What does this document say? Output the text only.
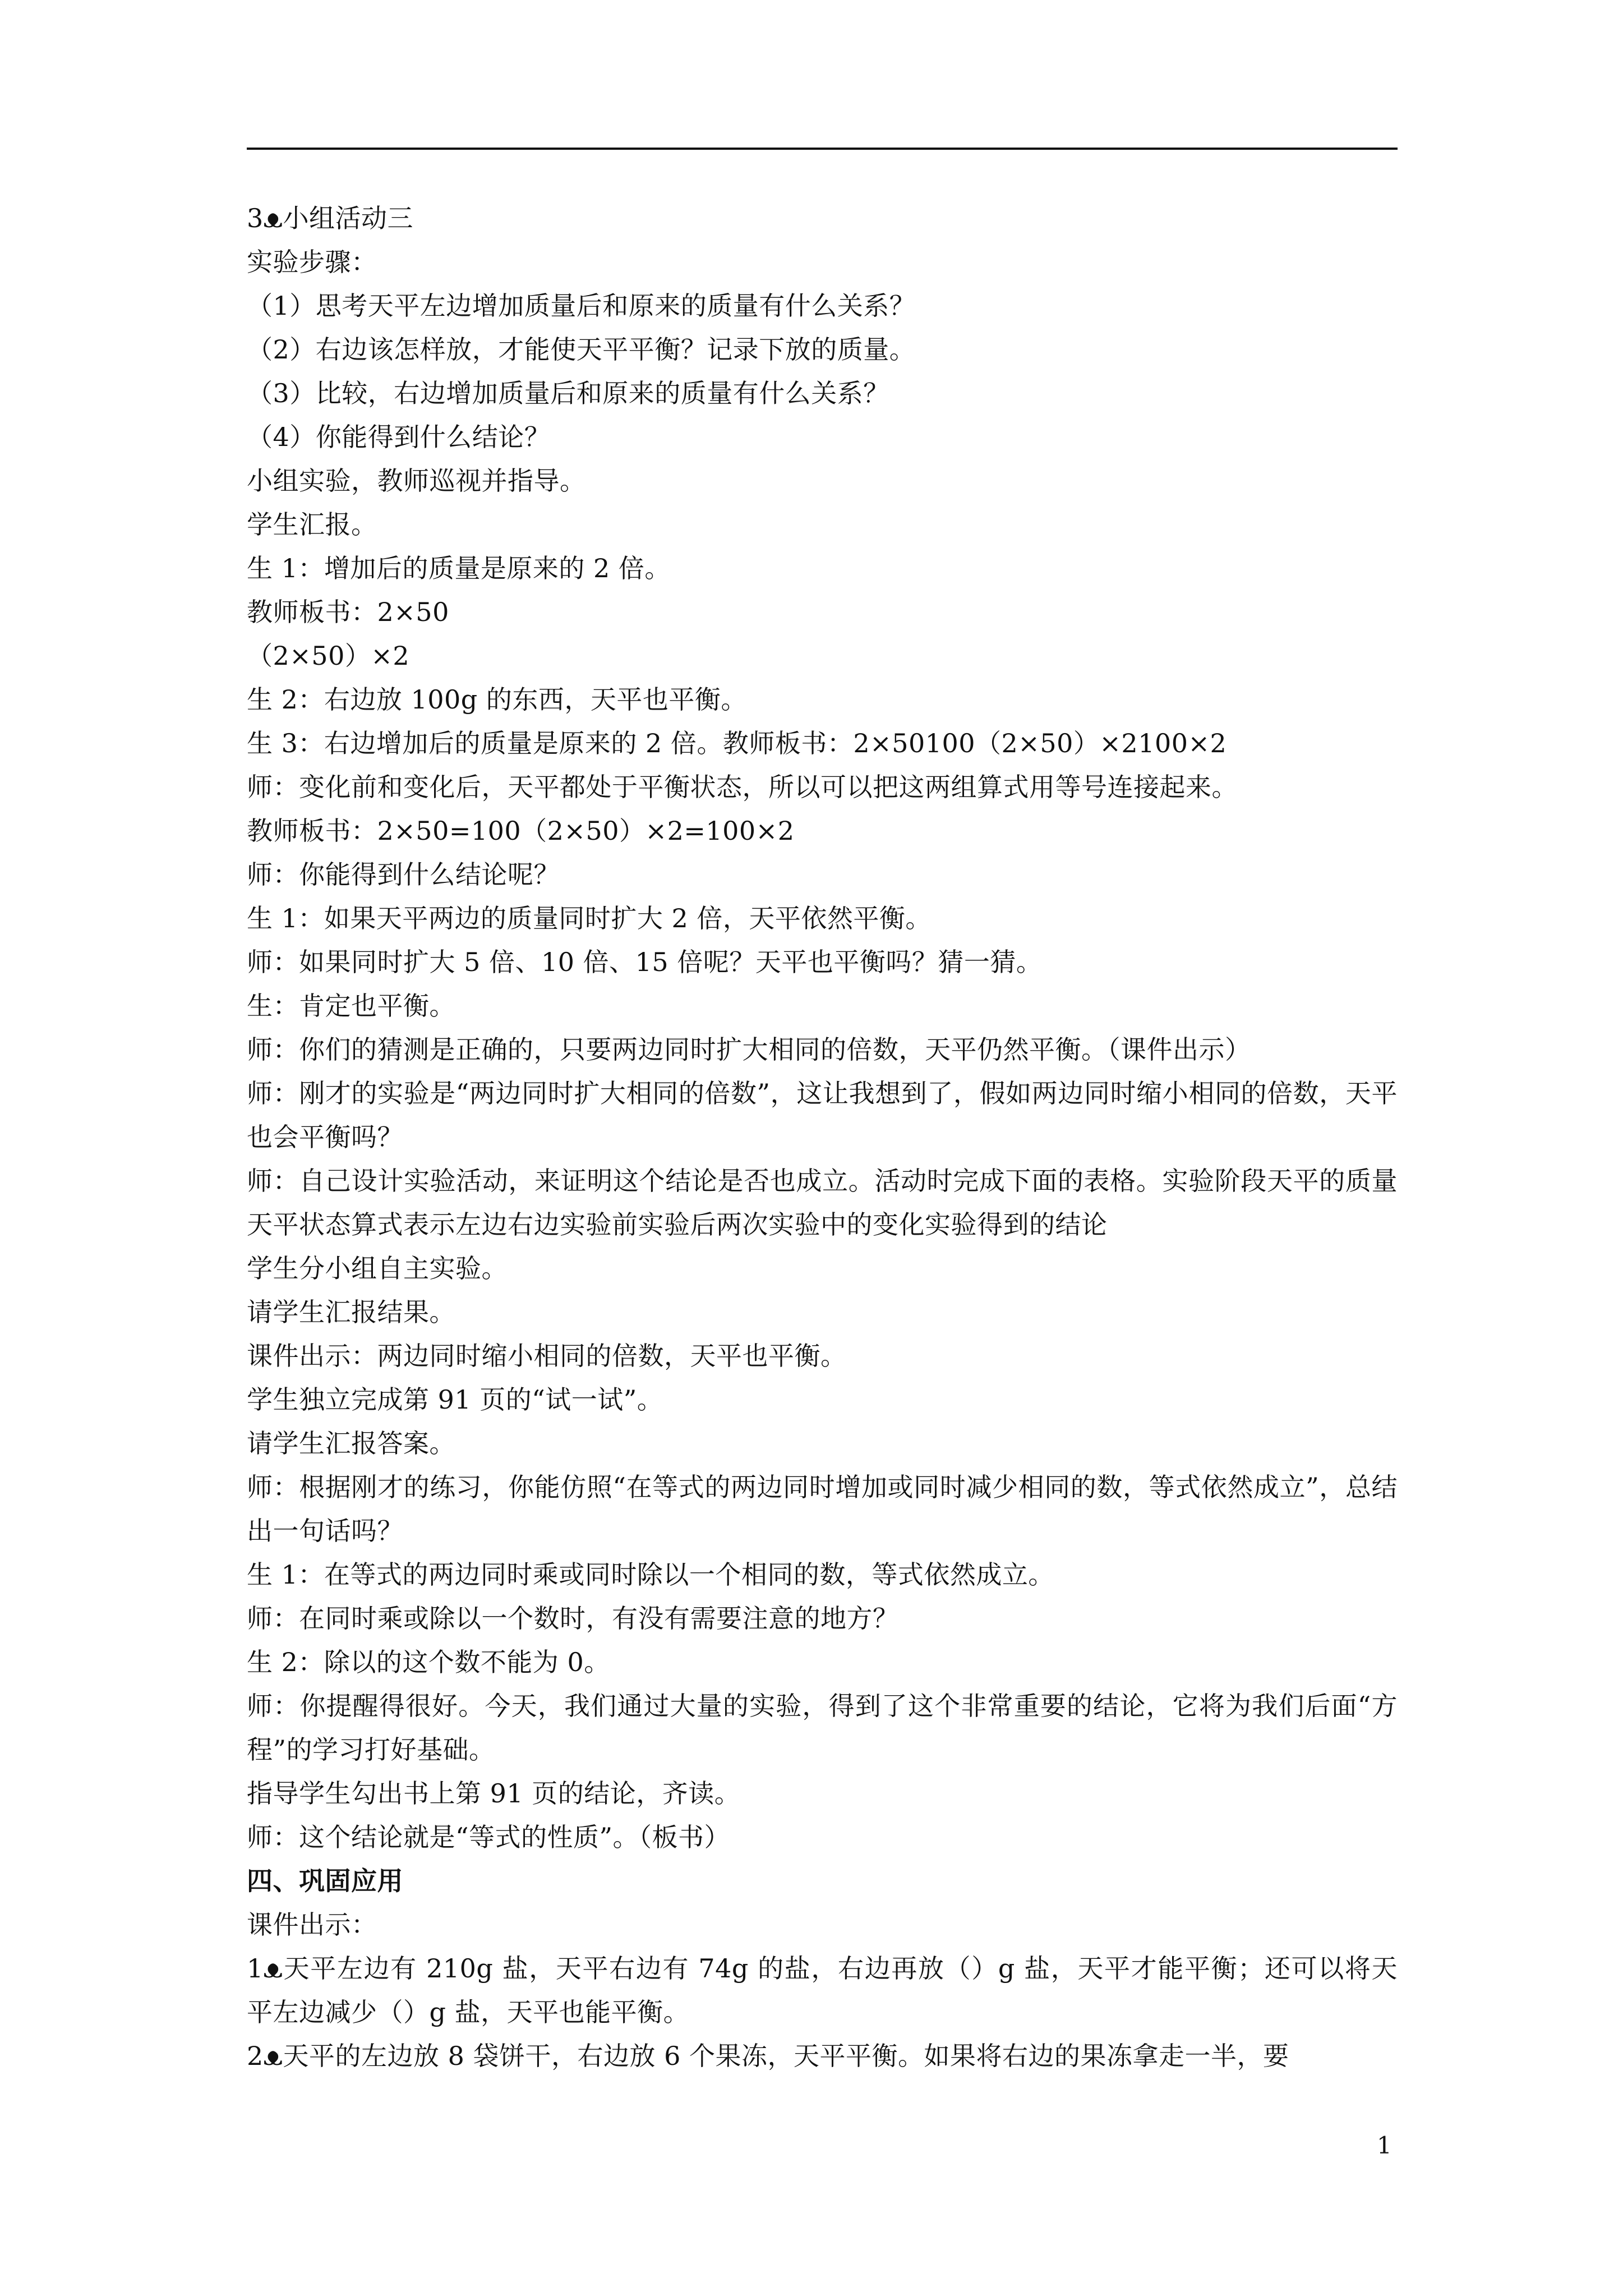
3ᴥ小组活动三

实验步骤：

（1）思考天平左边增加质量后和原来的质量有什么关系？

（2）右边该怎样放，才能使天平平衡？记录下放的质量。

（3）比较，右边增加质量后和原来的质量有什么关系？

（4）你能得到什么结论？

小组实验，教师巡视并指导。

学生汇报。

生 1：增加后的质量是原来的 2 倍。

教师板书：2×50

（2×50）×2

生 2：右边放 100g 的东西，天平也平衡。

生 3：右边增加后的质量是原来的 2 倍。教师板书：2×50100（2×50）×2100×2

师：变化前和变化后，天平都处于平衡状态，所以可以把这两组算式用等号连接起来。

教师板书：2×50=100（2×50）×2=100×2

师：你能得到什么结论呢？

生 1：如果天平两边的质量同时扩大 2 倍，天平依然平衡。

师：如果同时扩大 5 倍、10 倍、15 倍呢？天平也平衡吗？猜一猜。

生：肯定也平衡。

师：你们的猜测是正确的，只要两边同时扩大相同的倍数，天平仍然平衡。（课件出示）

师：刚才的实验是“两边同时扩大相同的倍数”，这让我想到了，假如两边同时缩小相同的倍数，天平也会平衡吗？

师：自己设计实验活动，来证明这个结论是否也成立。活动时完成下面的表格。实验阶段天平的质量天平状态算式表示左边右边实验前实验后两次实验中的变化实验得到的结论

学生分小组自主实验。

请学生汇报结果。

课件出示：两边同时缩小相同的倍数，天平也平衡。

学生独立完成第 91 页的“试一试”。

请学生汇报答案。

师：根据刚才的练习，你能仿照“在等式的两边同时增加或同时减少相同的数，等式依然成立”，总结出一句话吗？

生 1：在等式的两边同时乘或同时除以一个相同的数，等式依然成立。

师：在同时乘或除以一个数时，有没有需要注意的地方？

生 2：除以的这个数不能为 0。

师：你提醒得很好。今天，我们通过大量的实验，得到了这个非常重要的结论，它将为我们后面“方程”的学习打好基础。

指导学生勾出书上第 91 页的结论，齐读。

师：这个结论就是“等式的性质”。（板书）

四、巩固应用

课件出示：

1ᴥ天平左边有 210g 盐，天平右边有 74g 的盐，右边再放（）g 盐，天平才能平衡；还可以将天平左边减少（）g 盐，天平也能平衡。

2ᴥ天平的左边放 8 袋饼干，右边放 6 个果冻，天平平衡。如果将右边的果冻拿走一半，要

1
